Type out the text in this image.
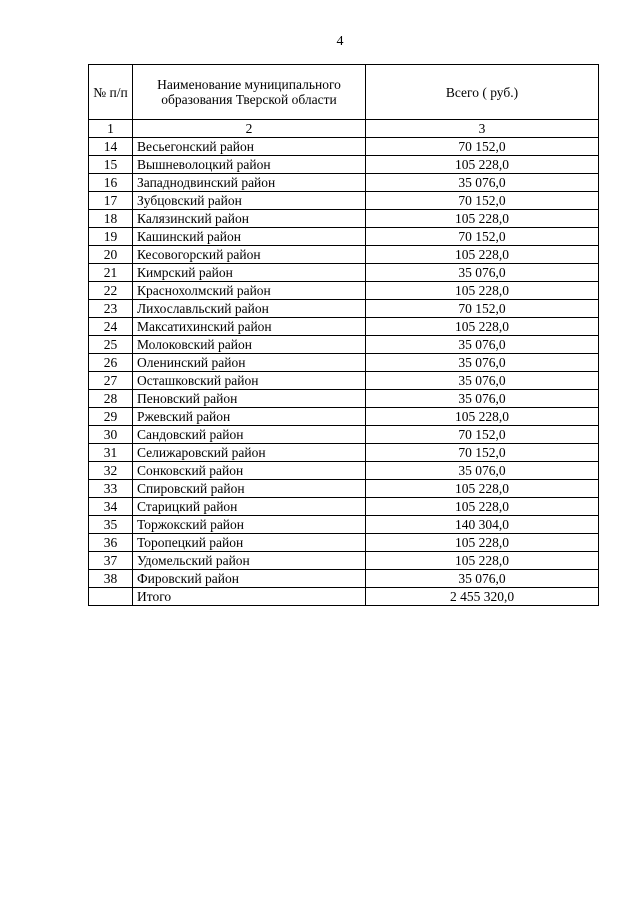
4
№ п/п	Наименование муниципального образования Тверской области	Всего ( руб.)
1	2	3
14	Весьегонский район	70 152,0
15	Вышневолоцкий район	105 228,0
16	Западнодвинский район	35 076,0
17	Зубцовский район	70 152,0
18	Калязинский район	105 228,0
19	Кашинский район	70 152,0
20	Кесовогорский район	105 228,0
21	Кимрский район	35 076,0
22	Краснохолмский район	105 228,0
23	Лихославльский район	70 152,0
24	Максатихинский район	105 228,0
25	Молоковский район	35 076,0
26	Оленинский район	35 076,0
27	Осташковский район	35 076,0
28	Пеновский район	35 076,0
29	Ржевский район	105 228,0
30	Сандовский район	70 152,0
31	Селижаровский район	70 152,0
32	Сонковский район	35 076,0
33	Спировский район	105 228,0
34	Старицкий район	105 228,0
35	Торжокский район	140 304,0
36	Торопецкий район	105 228,0
37	Удомельский район	105 228,0
38	Фировский район	35 076,0
	Итого	2 455 320,0
